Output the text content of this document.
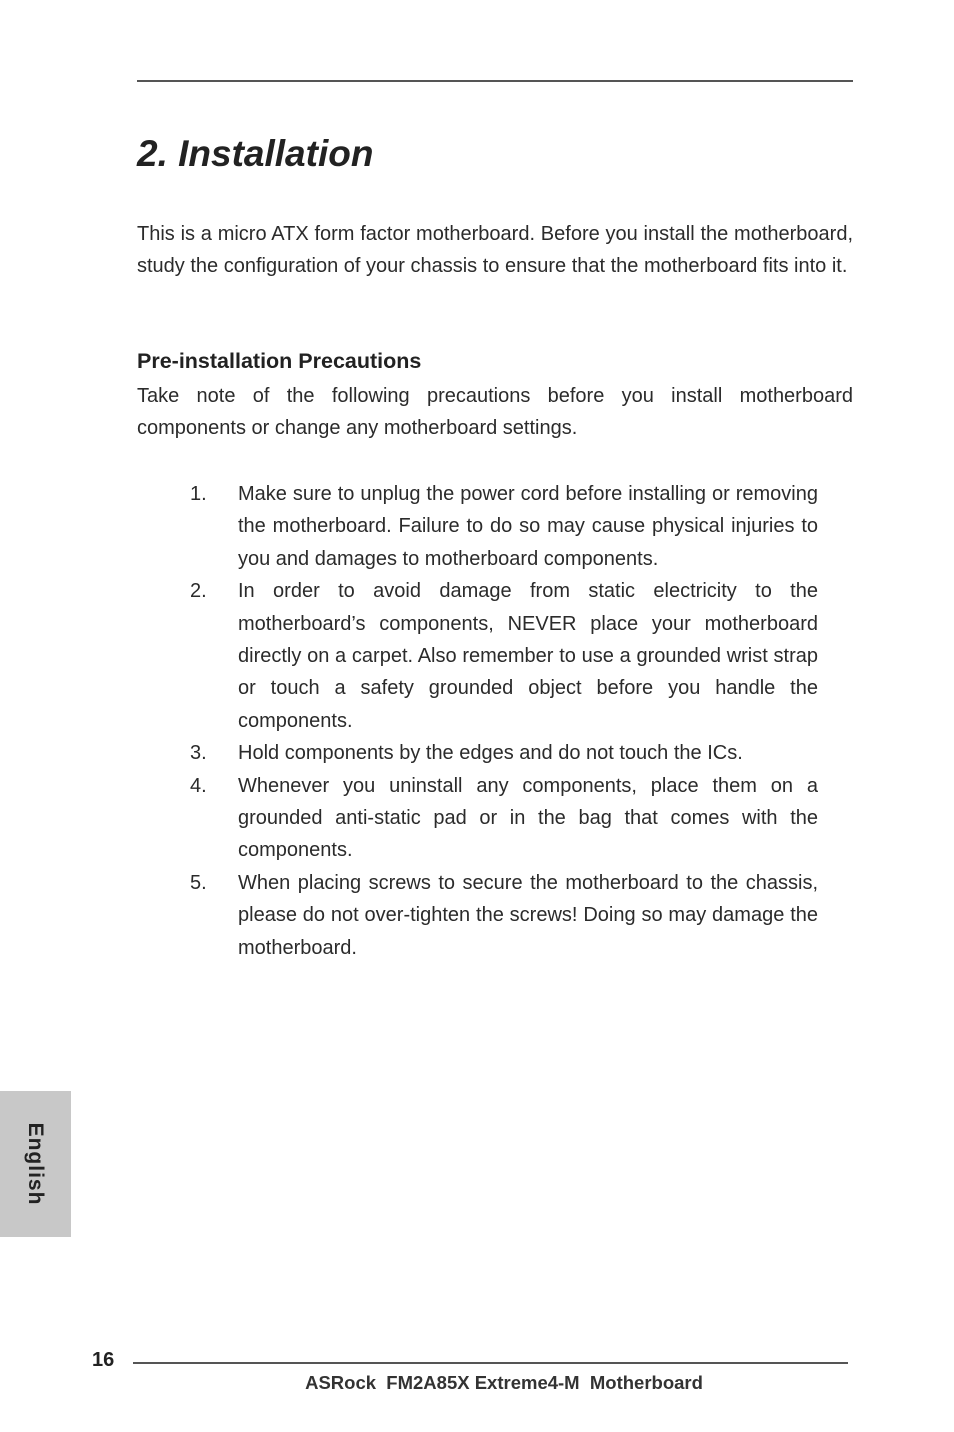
2. Installation

This is a micro ATX form factor motherboard. Before you install the motherboard, study the configuration of your chassis to ensure that the motherboard fits into it.

Pre-installation Precautions

Take note of the following precautions before you install motherboard components or change any motherboard settings.

1.	Make sure to unplug the power cord before installing or removing the motherboard. Failure to do so may cause physical injuries to you and damages to motherboard components.
2.	In order to avoid damage from static electricity to the motherboard’s components, NEVER place your motherboard directly on a carpet. Also remember to use a grounded wrist strap or touch a safety grounded object before you handle the components.
3.	Hold components by the edges and do not touch the ICs.
4.	Whenever you uninstall any components, place them on a grounded anti-static pad or in the bag that comes with the components.
5.	When placing screws to secure the motherboard to the chassis, please do not over-tighten the screws! Doing so may damage the motherboard.
English
16
ASRock  FM2A85X Extreme4-M  Motherboard
